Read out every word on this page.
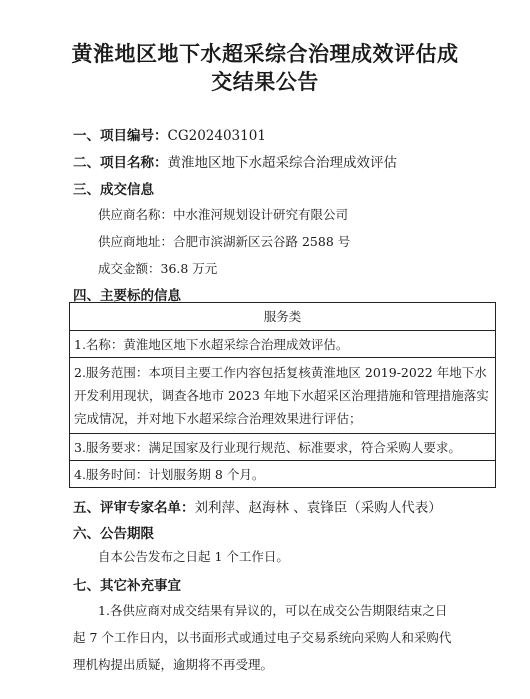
黄淮地区地下水超采综合治理成效评估成
交结果公告
一、项目编号：CG202403101
二、项目名称：黄淮地区地下水超采综合治理成效评估
三、成交信息
供应商名称：中水淮河规划设计研究有限公司
供应商地址：合肥市滨湖新区云谷路 2588 号
成交金额：36.8 万元
四、主要标的信息
服务类
1.名称：黄淮地区地下水超采综合治理成效评估。
2.服务范围：本项目主要工作内容包括复核黄淮地区 2019-2022 年地下水
开发利用现状，调查各地市 2023 年地下水超采区治理措施和管理措施落实
完成情况，并对地下水超采综合治理效果进行评估；
3.服务要求：满足国家及行业现行规范、标准要求，符合采购人要求。
4.服务时间：计划服务期 8 个月。
五、评审专家名单：刘利萍、赵海林 、袁锋臣（采购人代表）
六、公告期限
自本公告发布之日起 1 个工作日。
七、其它补充事宜
1.各供应商对成交结果有异议的，可以在成交公告期限结束之日
起 7 个工作日内，以书面形式或通过电子交易系统向采购人和采购代
理机构提出质疑，逾期将不再受理。
